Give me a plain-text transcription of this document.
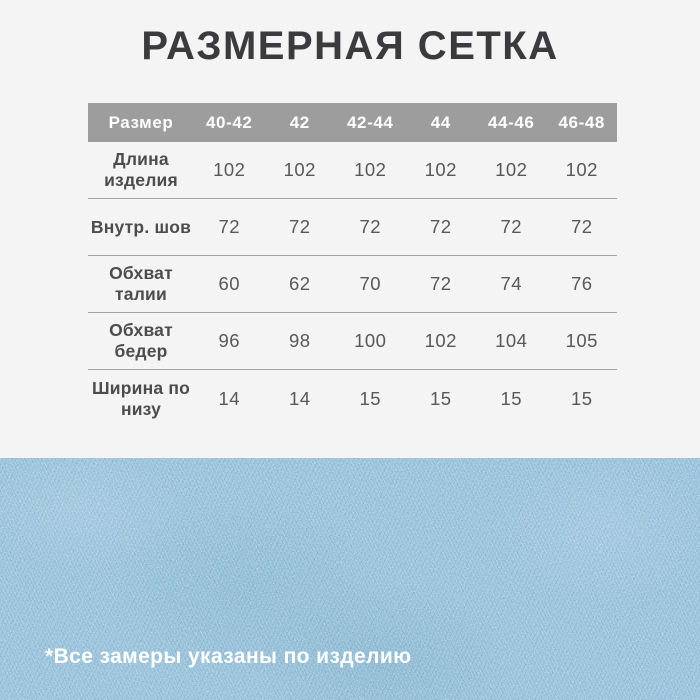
РАЗМЕРНАЯ СЕТКА
Размер	40-42	42	42-44	44	44-46	46-48
Длина изделия	102	102	102	102	102	102
Внутр. шов	72	72	72	72	72	72
Обхват талии	60	62	70	72	74	76
Обхват бедер	96	98	100	102	104	105
Ширина по низу	14	14	15	15	15	15
*Все замеры указаны по изделию
